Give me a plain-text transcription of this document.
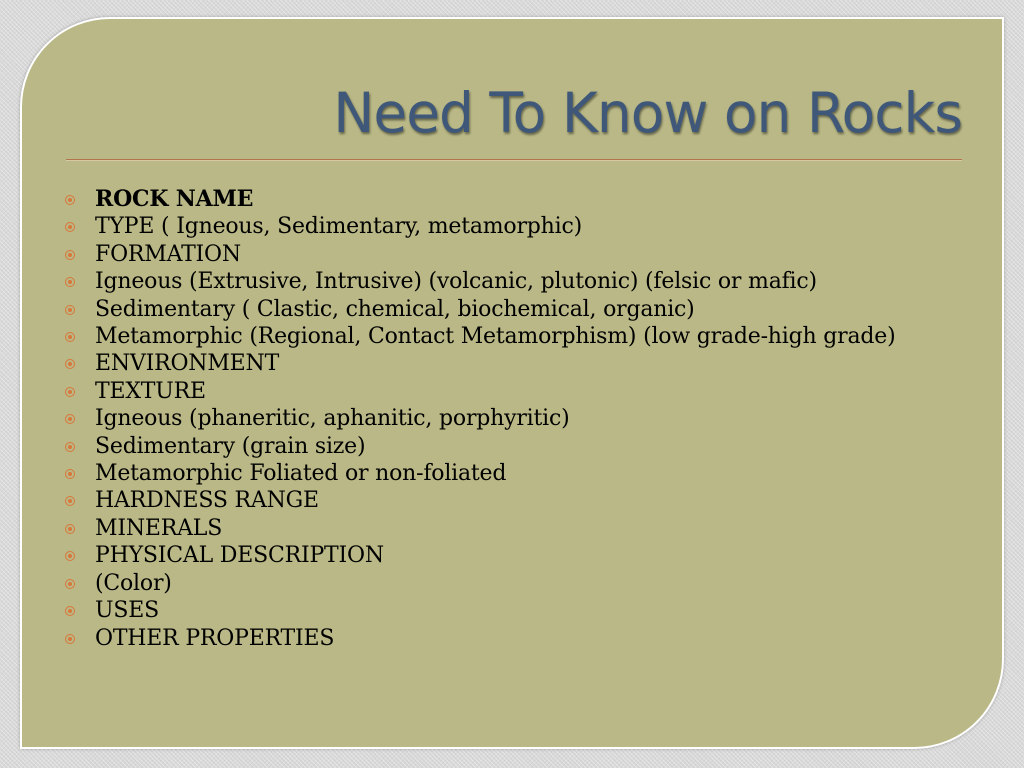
Need To Know on Rocks
ROCK NAME
TYPE ( Igneous, Sedimentary, metamorphic)
FORMATION
Igneous (Extrusive, Intrusive) (volcanic, plutonic) (felsic or mafic)
Sedimentary ( Clastic, chemical, biochemical, organic)
Metamorphic (Regional, Contact Metamorphism) (low grade-high grade)
ENVIRONMENT
TEXTURE
Igneous (phaneritic, aphanitic, porphyritic)
Sedimentary (grain size)
Metamorphic Foliated or non-foliated
HARDNESS RANGE
MINERALS
PHYSICAL DESCRIPTION
(Color)
USES
OTHER PROPERTIES
